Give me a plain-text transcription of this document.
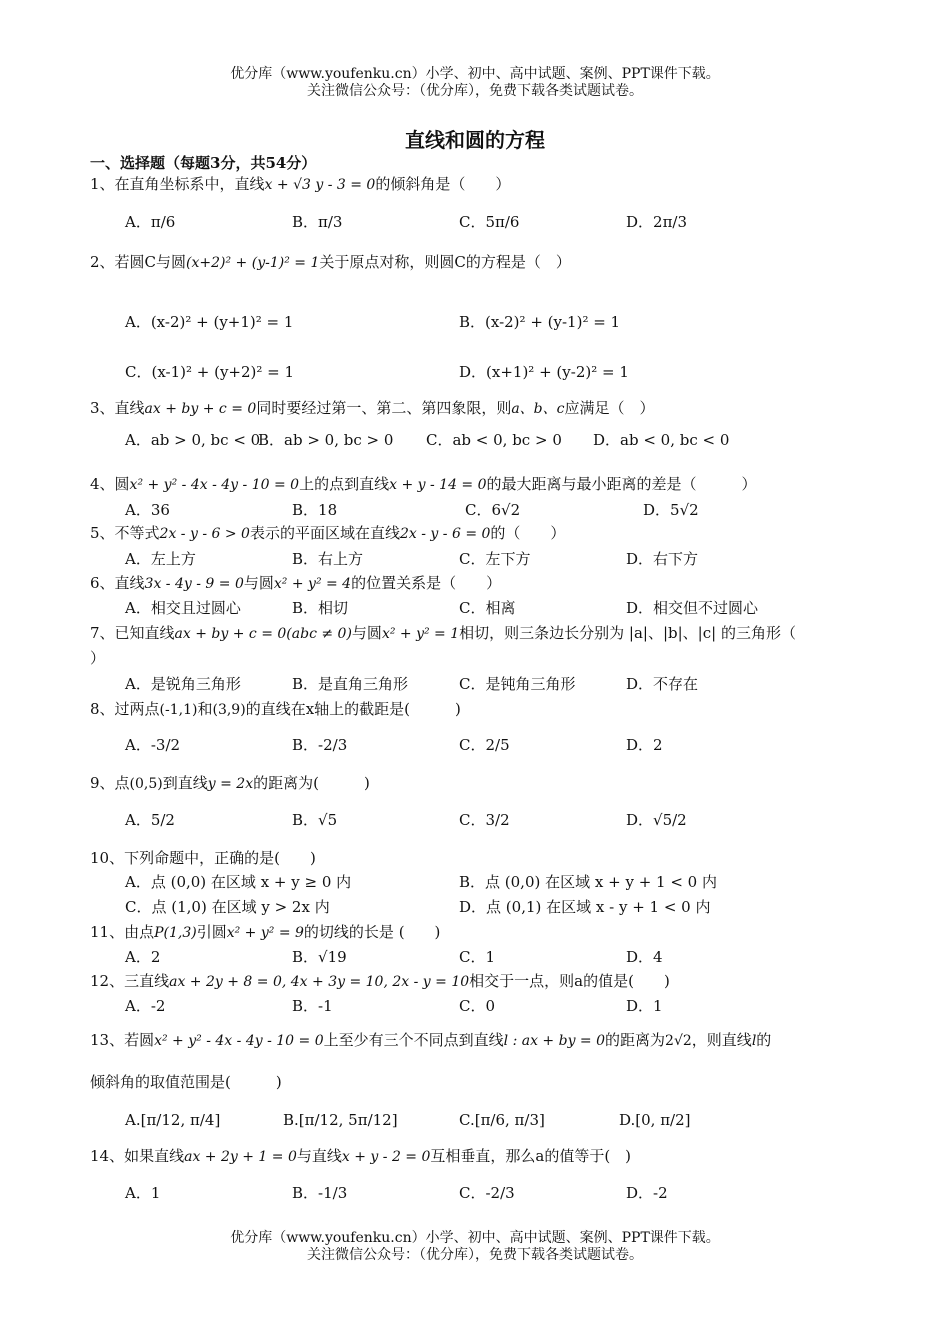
优分库（www.youfenku.cn）小学、初中、高中试题、案例、PPT课件下载。
关注微信公众号：（优分库），免费下载各类试题试卷。
直线和圆的方程
一、选择题（每题3分，共54分）
1、在直角坐标系中，直线x + √3 y - 3 = 0的倾斜角是（　　）
A．π/6	B．π/3	C．5π/6	D．2π/3
2、若圆C与圆(x+2)² + (y-1)² = 1关于原点对称，则圆C的方程是（　）
A．(x-2)² + (y+1)² = 1	B．(x-2)² + (y-1)² = 1
C．(x-1)² + (y+2)² = 1	D．(x+1)² + (y-2)² = 1
3、直线ax + by + c = 0同时要经过第一、第二、第四象限，则a、b、c应满足（　）
A．ab > 0, bc < 0
B．ab > 0, bc > 0 C．ab < 0, bc > 0 D．ab < 0, bc < 0
4、圆x² + y² - 4x - 4y - 10 = 0上的点到直线x + y - 14 = 0的最大距离与最小距离的差是（　　　）
A．36	B．18	C．6√2	D．5√2
5、不等式2x - y - 6 > 0表示的平面区域在直线2x - y - 6 = 0的（　　）
A．左上方	B．右上方	C．左下方	D．右下方
6、直线3x - 4y - 9 = 0与圆x² + y² = 4的位置关系是（　　）
A．相交且过圆心	B．相切	C．相离	D．相交但不过圆心
7、已知直线ax + by + c = 0(abc ≠ 0)与圆x² + y² = 1相切，则三条边长分别为 |a|、|b|、|c| 的三角形（
）
A．是锐角三角形	B．是直角三角形	C．是钝角三角形	D．不存在
8、过两点(-1,1)和(3,9)的直线在x轴上的截距是(　　　)
A．-3/2	B．-2/3	C．2/5	D．2
9、点(0,5)到直线y = 2x的距离为(　　　)
A．5/2	B．√5	C．3/2	D．√5/2
10、下列命题中，正确的是(　　)
A．点 (0,0) 在区域 x + y ≥ 0 内	B．点 (0,0) 在区域 x + y + 1 < 0 内
C．点 (1,0) 在区域 y > 2x 内	D．点 (0,1) 在区域 x - y + 1 < 0 内
11、由点P(1,3)引圆x² + y² = 9的切线的长是 (　　)
A．2	B．√19	C．1	D．4
12、三直线ax + 2y + 8 = 0, 4x + 3y = 10, 2x - y = 10相交于一点，则a的值是(　　)
A．-2	B．-1	C．0	D．1
13、若圆x² + y² - 4x - 4y - 10 = 0上至少有三个不同点到直线l : ax + by = 0的距离为2√2，则直线l的
倾斜角的取值范围是(　　　)
A.[π/12, π/4]	B.[π/12, 5π/12]	C.[π/6, π/3]	D.[0, π/2]
14、如果直线ax + 2y + 1 = 0与直线x + y - 2 = 0互相垂直，那么a的值等于(　)
A．1	B．-1/3	C．-2/3	D．-2
优分库（www.youfenku.cn）小学、初中、高中试题、案例、PPT课件下载。
关注微信公众号：（优分库），免费下载各类试题试卷。
